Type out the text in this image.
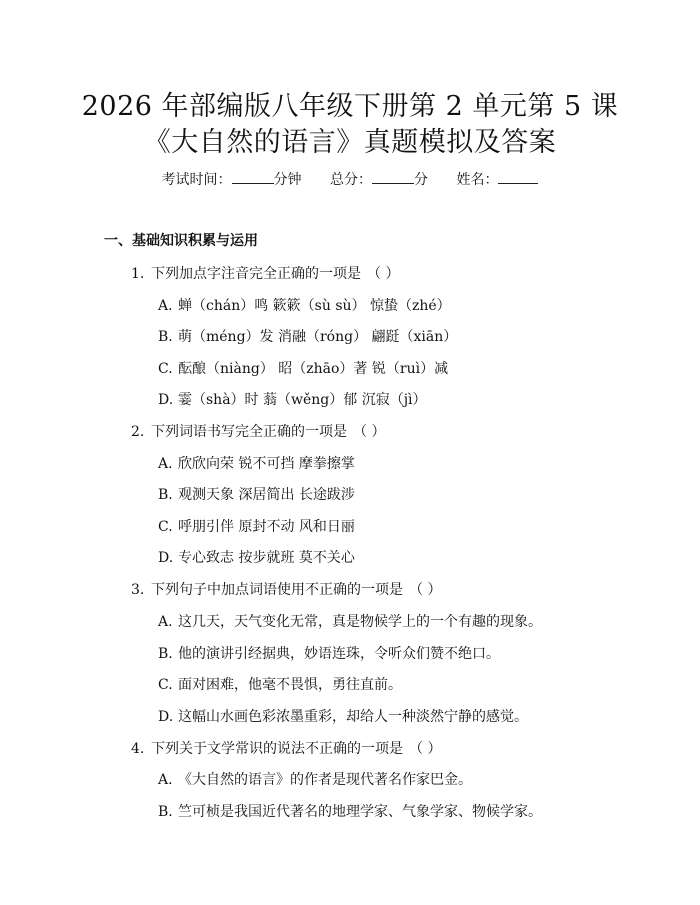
2026 年部编版八年级下册第 2 单元第 5 课
《大自然的语言》真题模拟及答案
考试时间：	分钟 总分：	分 姓名：
一、基础知识积累与运用
1. 下列加点字注音完全正确的一项是 （ ）
A. 蝉（chán）鸣 簌簌（sù sù） 惊蛰（zhé）
B. 萌（méng）发 消融（róng） 翩跹（xiān）
C. 酝酿（niàng） 昭（zhāo）著 锐（ruì）减
D. 霎（shà）时 蓊（wěng）郁 沉寂（jì）
2. 下列词语书写完全正确的一项是 （ ）
A. 欣欣向荣 锐不可挡 摩拳擦掌
B. 观测天象 深居简出 长途跋涉
C. 呼朋引伴 原封不动 风和日丽
D. 专心致志 按步就班 莫不关心
3. 下列句子中加点词语使用不正确的一项是 （ ）
A. 这几天，天气变化无常，真是物候学上的一个有趣的现象。
B. 他的演讲引经据典，妙语连珠，令听众们赞不绝口。
C. 面对困难，他毫不畏惧，勇往直前。
D. 这幅山水画色彩浓墨重彩，却给人一种淡然宁静的感觉。
4. 下列关于文学常识的说法不正确的一项是 （ ）
A. 《大自然的语言》的作者是现代著名作家巴金。
B. 竺可桢是我国近代著名的地理学家、气象学家、物候学家。
